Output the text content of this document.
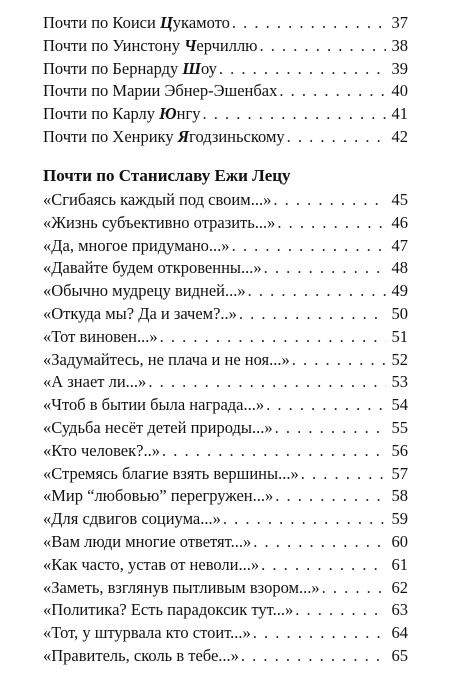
Почти по Коиси Цукамото . . .	37
Почти по Уинстону Черчиллю . . .	38
Почти по Бернарду Шоу . . .	39
Почти по Марии Эбнер-Эшенбах . . .	40
Почти по Карлу Юнгу . . .	41
Почти по Хенрику Ягодзиньскому . . .	42
Почти по Станиславу Ежи Лецу
«Сгибаясь каждый под своим...» . . .	45
«Жизнь субъективно отразить...» . . .	46
«Да, многое придумано...» . . .	47
«Давайте будем откровенны...» . . .	48
«Обычно мудрецу видней...» . . .	49
«Откуда мы? Да и зачем?..» . . .	50
«Тот виновен...» . . .	51
«Задумайтесь, не плача и не ноя...» . . .	52
«А знает ли...» . . .	53
«Чтоб в бытии была награда...» . . .	54
«Судьба несёт детей природы...» . . .	55
«Кто человек?..» . . .	56
«Стремясь благие взять вершины...» . . .	57
«Мир “любовью” перегружен...» . . .	58
«Для сдвигов социума...» . . .	59
«Вам люди многие ответят...» . . .	60
«Как часто, устав от неволи...» . . .	61
«Заметь, взглянув пытливым взором...» . . .	62
«Политика? Есть парадоксик тут...» . . .	63
«Тот, у штурвала кто стоит...» . . .	64
«Правитель, сколь в тебе...» . . .	65
